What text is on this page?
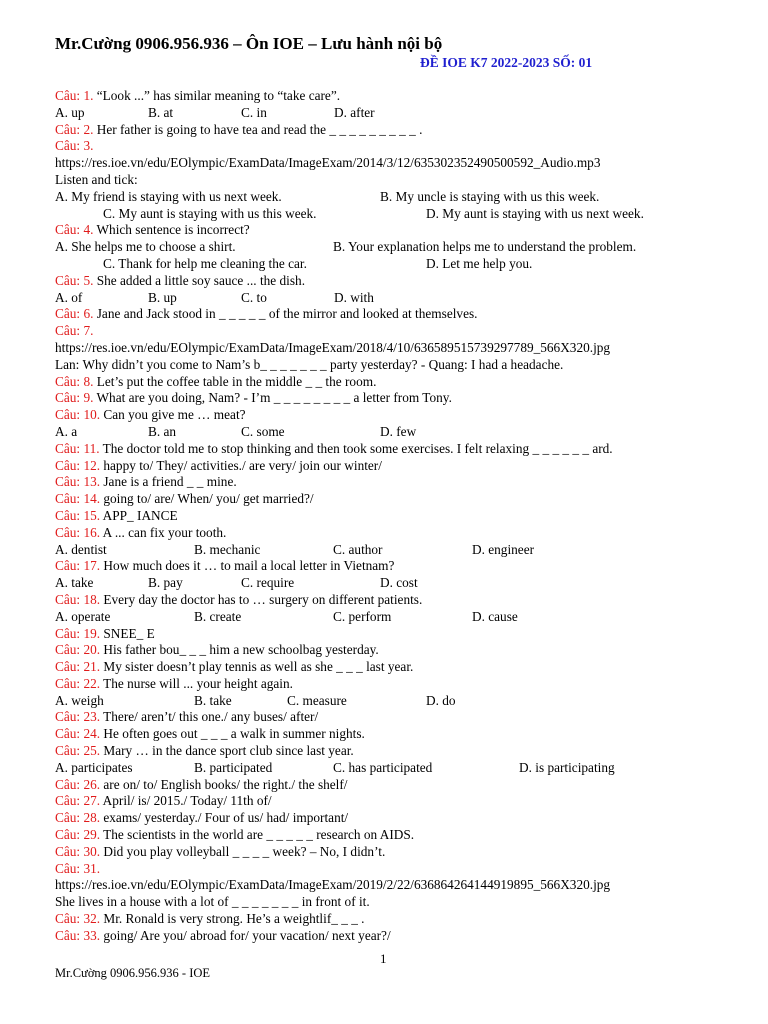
Mr.Cường 0906.956.936 – Ôn IOE – Lưu hành nội bộ
ĐỀ IOE K7 2022-2023 SỐ: 01
Câu: 1. “Look ...” has similar meaning to “take care”.
A. up	B. at	C. in	D. after
Câu: 2. Her father is going to have tea and read the _ _ _ _ _ _ _ _ _ .
Câu: 3.
https://res.ioe.vn/edu/EOlympic/ExamData/ImageExam/2014/3/12/635302352490500592_Audio.mp3
Listen and tick:
A. My friend is staying with us next week.	B. My uncle is staying with us this week.
C. My aunt is staying with us this week.	D. My aunt is staying with us next week.
Câu: 4. Which sentence is incorrect?
A. She helps me to choose a shirt.	B. Your explanation helps me to understand the problem.
C. Thank for help me cleaning the car.	D. Let me help you.
Câu: 5. She added a little soy sauce ... the dish.
A. of	B. up	C. to	D. with
Câu: 6. Jane and Jack stood in _ _ _ _ _ of the mirror and looked at themselves.
Câu: 7.
https://res.ioe.vn/edu/EOlympic/ExamData/ImageExam/2018/4/10/636589515739297789_566X320.jpg
Lan: Why didn’t you come to Nam’s b_ _ _ _ _ _ _ party yesterday? - Quang: I had a headache.
Câu: 8. Let’s put the coffee table in the middle _ _ the room.
Câu: 9. What are you doing, Nam? - I’m _ _ _ _ _ _ _ _ a letter from Tony.
Câu: 10. Can you give me … meat?
A. a	B. an	C. some	D. few
Câu: 11. The doctor told me to stop thinking and then took some exercises. I felt relaxing _ _ _ _ _ _ ard.
Câu: 12. happy to/ They/ activities./ are very/ join our winter/
Câu: 13. Jane is a friend _ _ mine.
Câu: 14. going to/ are/ When/ you/ get married?/
Câu: 15. APP_ IANCE
Câu: 16. A ... can fix your tooth.
A. dentist	B. mechanic	C. author	D. engineer
Câu: 17. How much does it … to mail a local letter in Vietnam?
A. take	B. pay	C. require	D. cost
Câu: 18. Every day the doctor has to … surgery on different patients.
A. operate	B. create	C. perform	D. cause
Câu: 19. SNEE_ E
Câu: 20. His father bou_ _ _ him a new schoolbag yesterday.
Câu: 21. My sister doesn’t play tennis as well as she _ _ _ last year.
Câu: 22. The nurse will ... your height again.
A. weigh	B. take	C. measure	D. do
Câu: 23. There/ aren’t/ this one./ any buses/ after/
Câu: 24. He often goes out _ _ _ a walk in summer nights.
Câu: 25. Mary … in the dance sport club since last year.
A. participates	B. participated	C. has participated	D. is participating
Câu: 26. are on/ to/ English books/ the right./ the shelf/
Câu: 27. April/ is/ 2015./ Today/ 11th of/
Câu: 28. exams/ yesterday./ Four of us/ had/ important/
Câu: 29. The scientists in the world are _ _ _ _ _ research on AIDS.
Câu: 30. Did you play volleyball _ _ _ _ week? – No, I didn’t.
Câu: 31.
https://res.ioe.vn/edu/EOlympic/ExamData/ImageExam/2019/2/22/636864264144919895_566X320.jpg
She lives in a house with a lot of _ _ _ _ _ _ _ in front of it.
Câu: 32. Mr. Ronald is very strong. He’s a weightlif_ _ _ .
Câu: 33. going/ Are you/ abroad for/ your vacation/ next year?/
1
Mr.Cường 0906.956.936 - IOE
